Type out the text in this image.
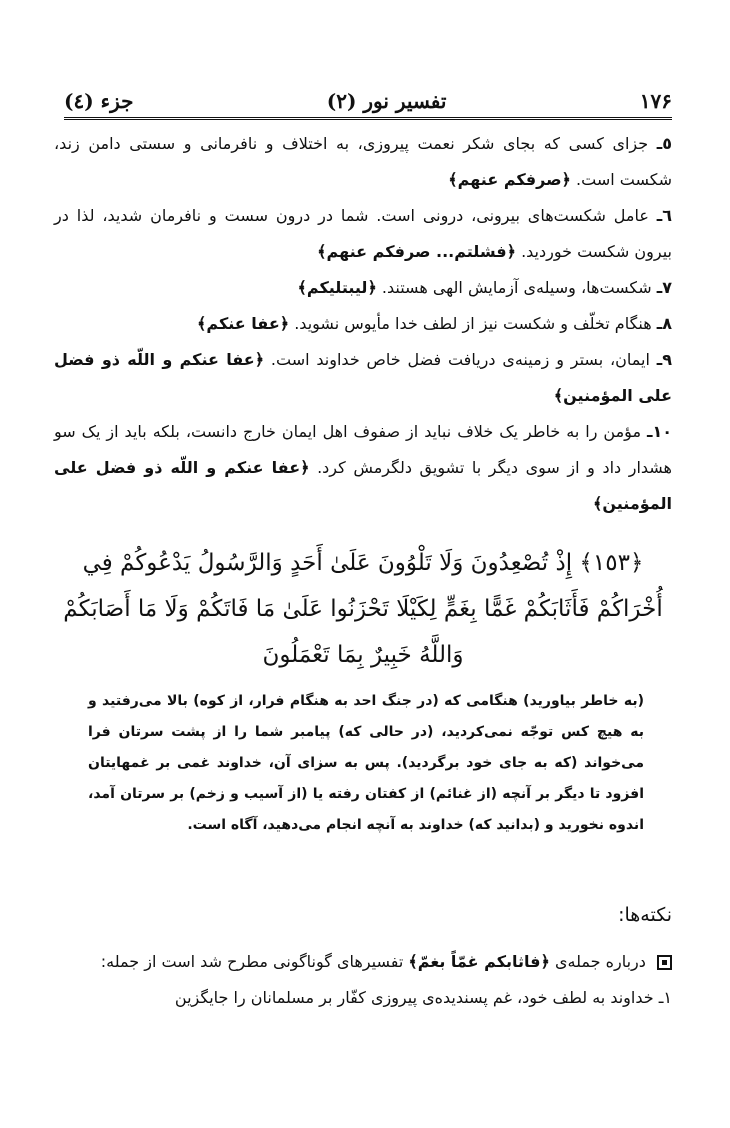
۱۷۶
تفسیر نور (۲)
جزء (٤)

٥ـ جزای کسی که بجای شکر نعمت پیروزی، به اختلاف و نافرمانی و سستی دامن زند، شکست است. ﴿صرفکم عنهم﴾

٦ـ عامل شکست‌های بیرونی، درونی است. شما در درون سست و نافرمان شدید، لذا در بیرون شکست خوردید. ﴿فشلتم... صرفکم عنهم﴾

٧ـ شکست‌ها، وسیله‌ی آزمایش الهی هستند. ﴿لیبتلیکم﴾

٨ـ هنگام تخلّف و شکست نیز از لطف خدا مأیوس نشوید. ﴿عفا عنکم﴾

٩ـ ایمان، بستر و زمینه‌ی دریافت فضل خاص خداوند است. ﴿عفا عنکم و اللّه ذو فضل علی المؤمنین﴾

١٠ـ مؤمن را به خاطر یک خلاف نباید از صفوف اهل ایمان خارج دانست، بلکه باید از یک سو هشدار داد و از سوی دیگر با تشویق دلگرمش کرد. ﴿عفا عنکم و اللّه ذو فضل علی المؤمنین﴾

﴿١٥٣﴾ إِذْ تُصْعِدُونَ وَلَا تَلْوُونَ عَلَىٰ أَحَدٍ وَالرَّسُولُ يَدْعُوكُمْ فِي أُخْرَاكُمْ فَأَثَابَكُمْ غَمًّا بِغَمٍّ لِكَيْلَا تَحْزَنُوا عَلَىٰ مَا فَاتَكُمْ وَلَا مَا أَصَابَكُمْ وَاللَّهُ خَبِيرٌ بِمَا تَعْمَلُونَ
(به خاطر بیاورید) هنگامی که (در جنگ احد به هنگام فرار، از کوه) بالا می‌رفتید و به هیچ کس توجّه نمی‌کردید، (در حالی که) پیامبر شما را از پشت سرتان فرا می‌خواند (که به جای خود برگردید). پس به سزای آن، خداوند غمی بر غمهایتان افزود تا دیگر بر آنچه (از غنائم) از کفتان رفته یا (از آسیب و زخم) بر سرتان آمد، اندوه نخورید و (بدانید که) خداوند به آنچه انجام می‌دهید، آگاه است.
نکته‌ها:
درباره جمله‌ی ﴿فاثابکم غمّاً بغمّ﴾ تفسیرهای گوناگونی مطرح شد است از جمله:
۱ـ خداوند به لطف خود، غم پسندیده‌ی پیروزی کفّار بر مسلمانان را جایگزین
